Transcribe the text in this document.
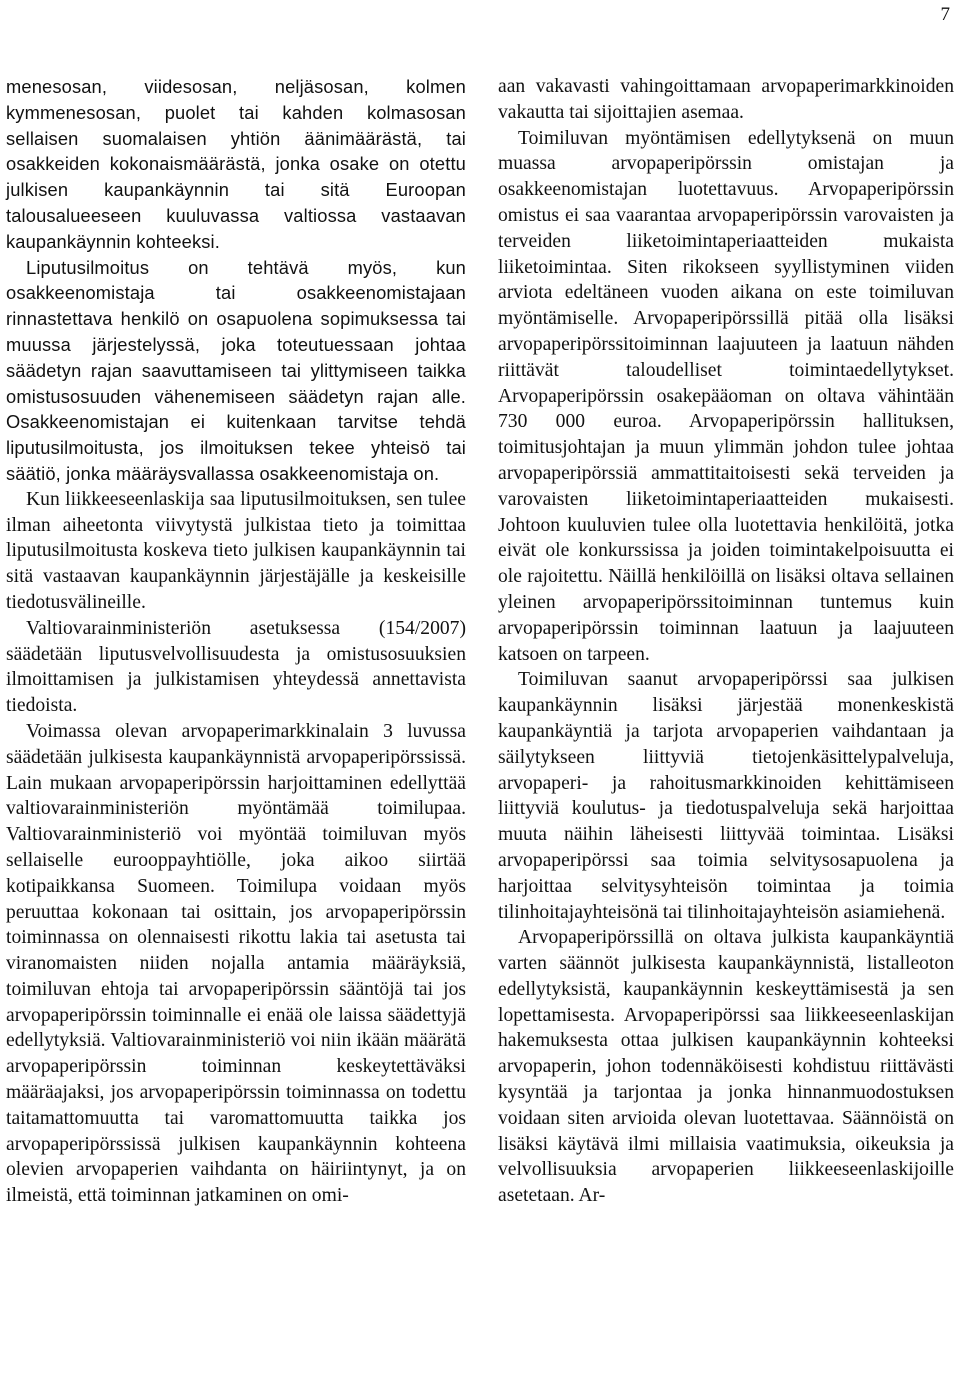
7

menesosan, viidesosan, neljäsosan, kolmen kymmenesosan, puolet tai kahden kolmasosan sellaisen suomalaisen yhtiön äänimäärästä, tai osakkeiden kokonaismäärästä, jonka osake on otettu julkisen kaupankäynnin tai sitä Euroopan talousalueeseen kuuluvassa valtiossa vastaavan kaupankäynnin kohteeksi.

Liputusilmoitus on tehtävä myös, kun osakkeenomistaja tai osakkeenomistajaan rinnastettava henkilö on osapuolena sopimuksessa tai muussa järjestelyssä, joka toteutuessaan johtaa säädetyn rajan saavuttamiseen tai ylittymiseen taikka omistusosuuden vähenemiseen säädetyn rajan alle. Osakkeenomistajan ei kuitenkaan tarvitse tehdä liputusilmoitusta, jos ilmoituksen tekee yhteisö tai säätiö, jonka määräysvallassa osakkeenomistaja on.

Kun liikkeeseenlaskija saa liputusilmoituksen, sen tulee ilman aiheetonta viivytystä julkistaa tieto ja toimittaa liputusilmoitusta koskeva tieto julkisen kaupankäynnin tai sitä vastaavan kaupankäynnin järjestäjälle ja keskeisille tiedotusvälineille.

Valtiovarainministeriön asetuksessa (154/2007) säädetään liputusvelvollisuudesta ja omistusosuuksien ilmoittamisen ja julkistamisen yhteydessä annettavista tiedoista.

Voimassa olevan arvopaperimarkkinalain 3 luvussa säädetään julkisesta kaupankäynnistä arvopaperipörssissä. Lain mukaan arvopaperipörssin harjoittaminen edellyttää valtiovarainministeriön myöntämää toimilupaa. Valtiovarainministeriö voi myöntää toimiluvan myös sellaiselle eurooppayhtiölle, joka aikoo siirtää kotipaikkansa Suomeen. Toimilupa voidaan myös peruuttaa kokonaan tai osittain, jos arvopaperipörssin toiminnassa on olennaisesti rikottu lakia tai asetusta tai viranomaisten niiden nojalla antamia määräyksiä, toimiluvan ehtoja tai arvopaperipörssin sääntöjä tai jos arvopaperipörssin toiminnalle ei enää ole laissa säädettyjä edellytyksiä. Valtiovarainministeriö voi niin ikään määrätä arvopaperipörssin toiminnan keskeytettäväksi määräajaksi, jos arvopaperipörssin toiminnassa on todettu taitamattomuutta tai varomattomuutta taikka jos arvopaperipörssissä julkisen kaupankäynnin kohteena olevien arvopaperien vaihdanta on häiriintynyt, ja on ilmeistä, että toiminnan jatkaminen on omi-

aan vakavasti vahingoittamaan arvopaperimarkkinoiden vakautta tai sijoittajien asemaa.

Toimiluvan myöntämisen edellytyksenä on muun muassa arvopaperipörssin omistajan ja osakkeenomistajan luotettavuus. Arvopaperipörssin omistus ei saa vaarantaa arvopaperipörssin varovaisten ja terveiden liiketoimintaperiaatteiden mukaista liiketoimintaa. Siten rikokseen syyllistyminen viiden arviota edeltäneen vuoden aikana on este toimiluvan myöntämiselle. Arvopaperipörssillä pitää olla lisäksi arvopaperipörssitoiminnan laajuuteen ja laatuun nähden riittävät taloudelliset toimintaedellytykset. Arvopaperipörssin osakepääoman on oltava vähintään 730 000 euroa. Arvopaperipörssin hallituksen, toimitusjohtajan ja muun ylimmän johdon tulee johtaa arvopaperipörssiä ammattitaitoisesti sekä terveiden ja varovaisten liiketoimintaperiaatteiden mukaisesti. Johtoon kuuluvien tulee olla luotettavia henkilöitä, jotka eivät ole konkurssissa ja joiden toimintakelpoisuutta ei ole rajoitettu. Näillä henkilöillä on lisäksi oltava sellainen yleinen arvopaperipörssitoiminnan tuntemus kuin arvopaperipörssin toiminnan laatuun ja laajuuteen katsoen on tarpeen.

Toimiluvan saanut arvopaperipörssi saa julkisen kaupankäynnin lisäksi järjestää monenkeskistä kaupankäyntiä ja tarjota arvopaperien vaihdantaan ja säilytykseen liittyviä tietojenkäsittelypalveluja, arvopaperi- ja rahoitusmarkkinoiden kehittämiseen liittyviä koulutus- ja tiedotuspalveluja sekä harjoittaa muuta näihin läheisesti liittyvää toimintaa. Lisäksi arvopaperipörssi saa toimia selvitysosapuolena ja harjoittaa selvitysyhteisön toimintaa ja toimia tilinhoitajayhteisönä tai tilinhoitajayhteisön asiamiehenä.

Arvopaperipörssillä on oltava julkista kaupankäyntiä varten säännöt julkisesta kaupankäynnistä, listalleoton edellytyksistä, kaupankäynnin keskeyttämisestä ja sen lopettamisesta. Arvopaperipörssi saa liikkeeseenlaskijan hakemuksesta ottaa julkisen kaupankäynnin kohteeksi arvopaperin, johon todennäköisesti kohdistuu riittävästi kysyntää ja tarjontaa ja jonka hinnanmuodostuksen voidaan siten arvioida olevan luotettavaa. Säännöistä on lisäksi käytävä ilmi millaisia vaatimuksia, oikeuksia ja velvollisuuksia arvopaperien liikkeeseenlaskijoille asetetaan. Ar-
